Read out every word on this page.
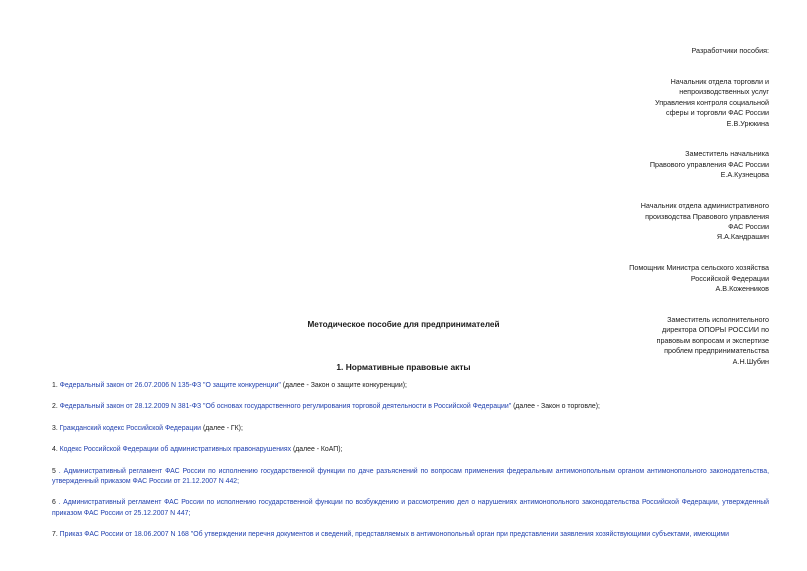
Разработчики пособия:
Начальник отдела торговли и
непроизводственных услуг
Управления контроля социальной
сферы и торговли ФАС России
Е.В.Урюкина
Заместитель начальника
Правового управления ФАС России
Е.А.Кузнецова
Начальник отдела административного
производства Правового управления
ФАС России
Я.А.Кандрашин
Помощник Министра сельского хозяйства
Российской Федерации
А.В.Коженников
Заместитель исполнительного
директора ОПОРЫ РОССИИ по
правовым вопросам и экспертизе
проблем предпринимательства
А.Н.Шубин
Методическое пособие для предпринимателей
1. Нормативные правовые акты
1. Федеральный закон от 26.07.2006 N 135-ФЗ "О защите конкуренции" (далее - Закон о защите конкуренции);
2. Федеральный закон от 28.12.2009 N 381-ФЗ "Об основах государственного регулирования торговой деятельности в Российской Федерации" (далее - Закон о торговле);
3. Гражданский кодекс Российской Федерации (далее - ГК);
4. Кодекс Российской Федерации об административных правонарушениях (далее - КоАП);
5 . Административный регламент ФАС России по исполнению государственной функции по даче разъяснений по вопросам применения федеральным антимонопольным органом антимонопольного законодательства, утвержденный приказом ФАС России от 21.12.2007 N 442;
6 . Административный регламент ФАС России по исполнению государственной функции по возбуждению и рассмотрению дел о нарушениях антимонопольного законодательства Российской Федерации, утвержденный приказом ФАС России от 25.12.2007 N 447;
7. Приказ ФАС России от 18.06.2007 N 168 "Об утверждении перечня документов и сведений, представляемых в антимонопольный орган при представлении заявления хозяйствующими субъектами, имеющими
